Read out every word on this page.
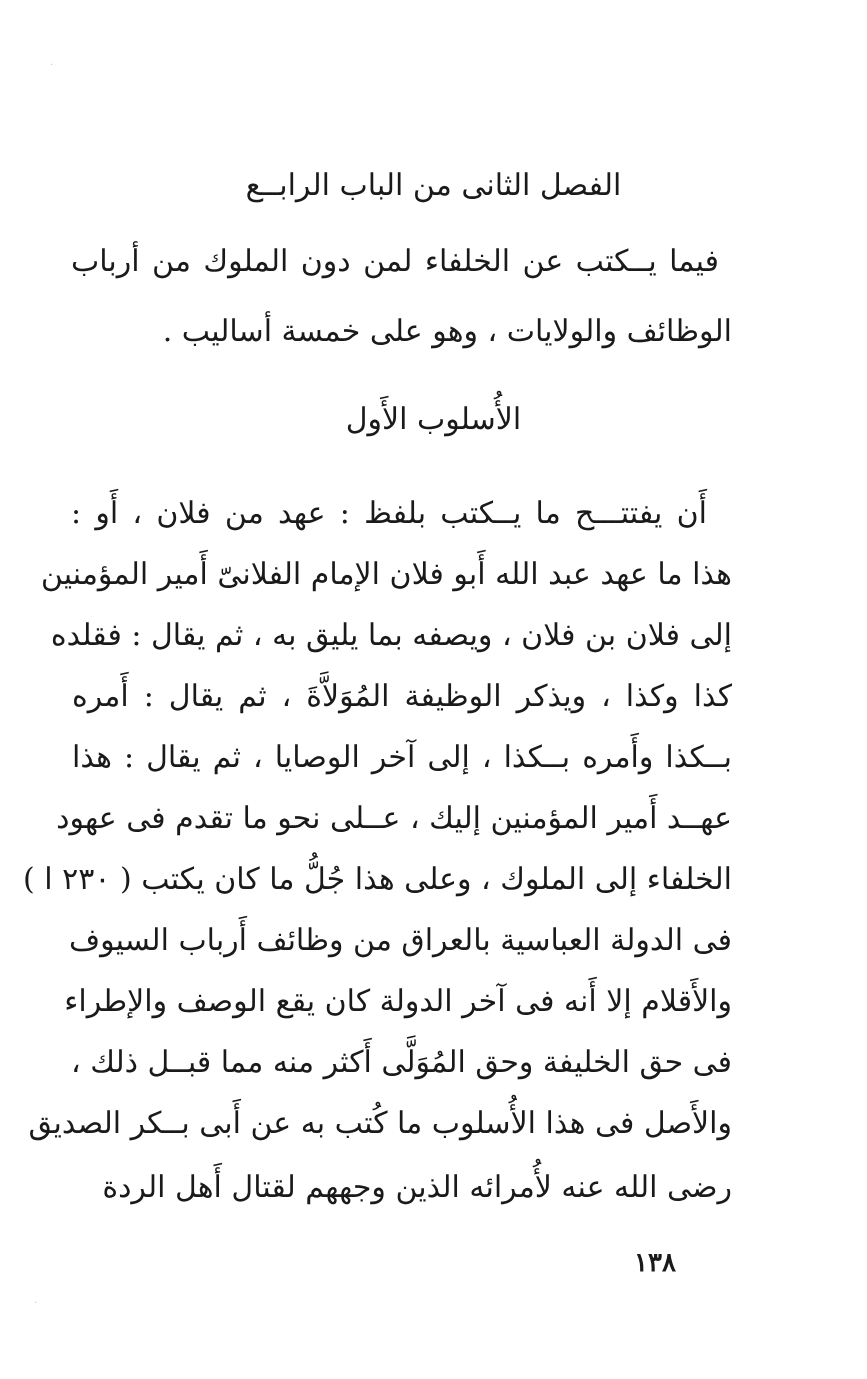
الفصل الثانى من الباب الرابــع
فيما يــكتب عن الخلفاء لمن دون الملوك من أرباب
الوظائف والولايات ، وهو على خمسة أساليب .
الأُسلوب الأَول
أَن يفتتـــح ما يــكتب بلفظ : عهد من فلان ، أَو :
هذا ما عهد عبد الله أَبو فلان الإمام الفلانىّ أَمير المؤمنين
إلى فلان بن فلان ، ويصفه بما يليق به ، ثم يقال : فقلده
كذا وكذا ، ويذكر الوظيفة المُوَلاَّةَ ، ثم يقال : أَمره
بــكذا وأَمره بــكذا ، إلى آخر الوصايا ، ثم يقال : هذا
عهــد أَمير المؤمنين إليك ، عــلى نحو ما تقدم فى عهود
الخلفاء إلى الملوك ، وعلى هذا جُلُّ ما كان يكتب ( ٢٣٠ ا )
فى الدولة العباسية بالعراق من وظائف أَرباب السيوف
والأَقلام إلا أَنه فى آخر الدولة كان يقع الوصف والإطراء
فى حق الخليفة وحق المُوَلَّى أَكثر منه مما قبــل ذلك ،
والأَصل فى هذا الأُسلوب ما كُتب به عن أَبى بــكر الصديق
رضى الله عنه لأُمرائه الذين وجههم لقتال أَهل الردة
١٣٨
·
·
